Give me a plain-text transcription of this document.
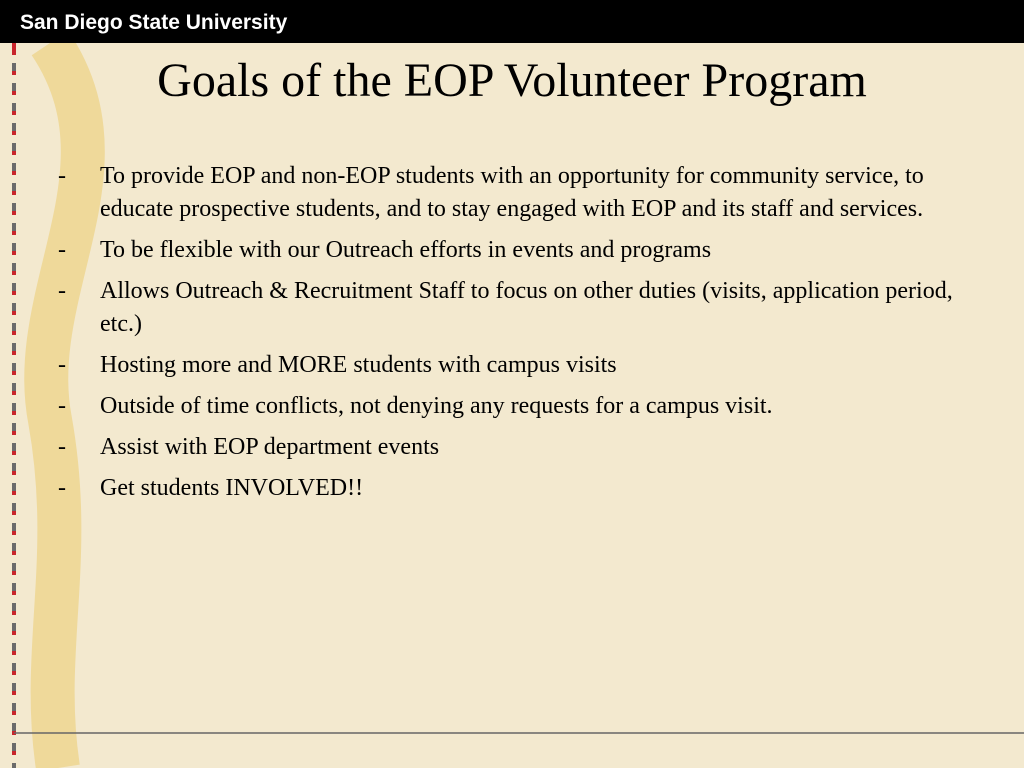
San Diego State University
Goals of the EOP Volunteer Program
-	To provide EOP and non-EOP students with an opportunity for community service, to educate prospective students, and to stay engaged with EOP and its staff and services.
-	To be flexible with our Outreach efforts in events and programs
-	Allows Outreach & Recruitment Staff to focus on other duties (visits, application period, etc.)
-	Hosting more and MORE students with campus visits
-	Outside of time conflicts, not denying any requests for a campus visit.
-	Assist with EOP department events
-	Get students INVOLVED!!
